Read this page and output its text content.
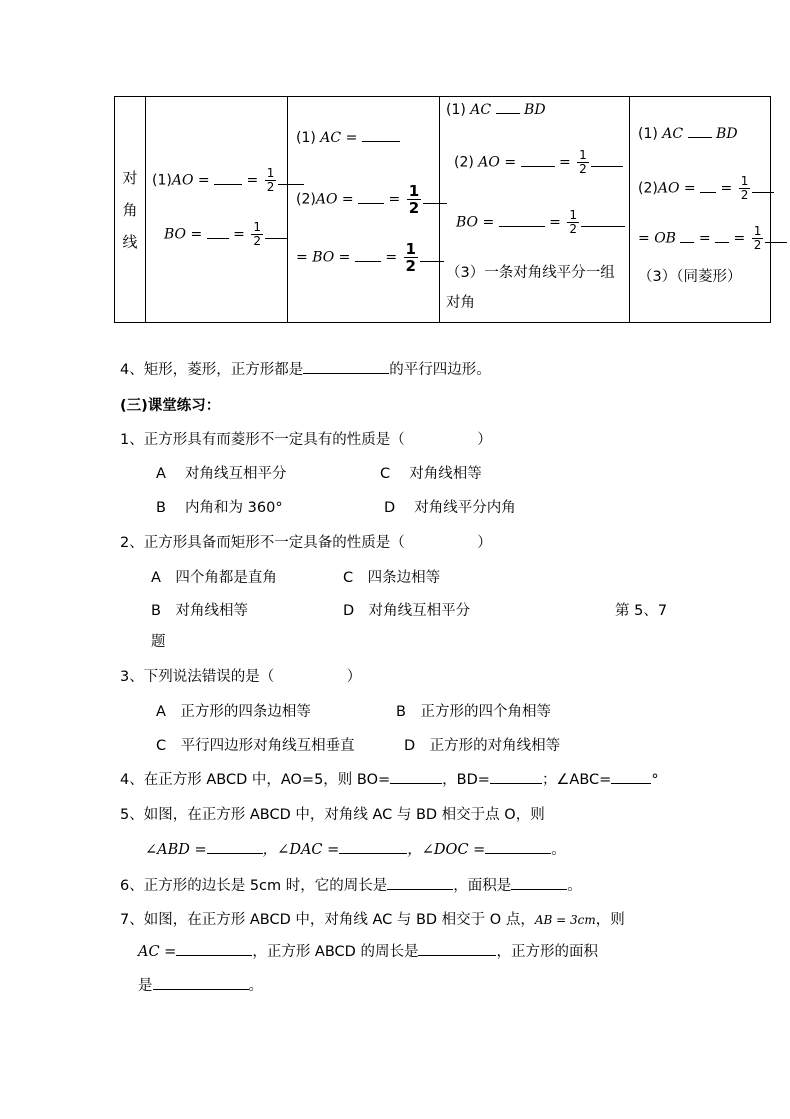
对
角
线

(1)AO =	= $\frac{1}{2}$
BO = = $\frac{1}{2}$

(1) AC =
(2)AO = = $\frac{1}{2}$
= BO = = $\frac{1}{2}$

(1) AC BD
(2) AO =	= $\frac{1}{2}$
BO =	= $\frac{1}{2}$
（3）一条对角线平分一组
对角

(1) AC BD
(2)AO = = $\frac{1}{2}$
= OB = = $\frac{1}{2}$
（3）（同菱形）
4、矩形，菱形，正方形都是	的平行四边形。
(三)课堂练习：
1、正方形具有而菱形不一定具有的性质是（　　　　　）
A　 对角线互相平分	C　 对角线相等
B　 内角和为 360°	D　 对角线平分内角
2、正方形具备而矩形不一定具备的性质是（　　　　　）
A　四个角都是直角	C　四条边相等
B　对角线相等	D　对角线互相平分	第 5、7
题
3、下列说法错误的是（　　　　　）
A　正方形的四条边相等	B　正方形的四个角相等
C　平行四边形对角线互相垂直	D　正方形的对角线相等
4、在正方形 ABCD 中，AO=5，则 BO=	，BD=	；∠ABC=	°
5、如图，在正方形 ABCD 中，对角线 AC 与 BD 相交于点 O，则
∠ABD =	，∠DAC =	，∠DOC =	。
6、正方形的边长是 5cm 时，它的周长是	，面积是	。
7、如图，在正方形 ABCD 中，对角线 AC 与 BD 相交于 O 点，AB = 3cm，则
AC =	，正方形 ABCD 的周长是	，正方形的面积
是	。
